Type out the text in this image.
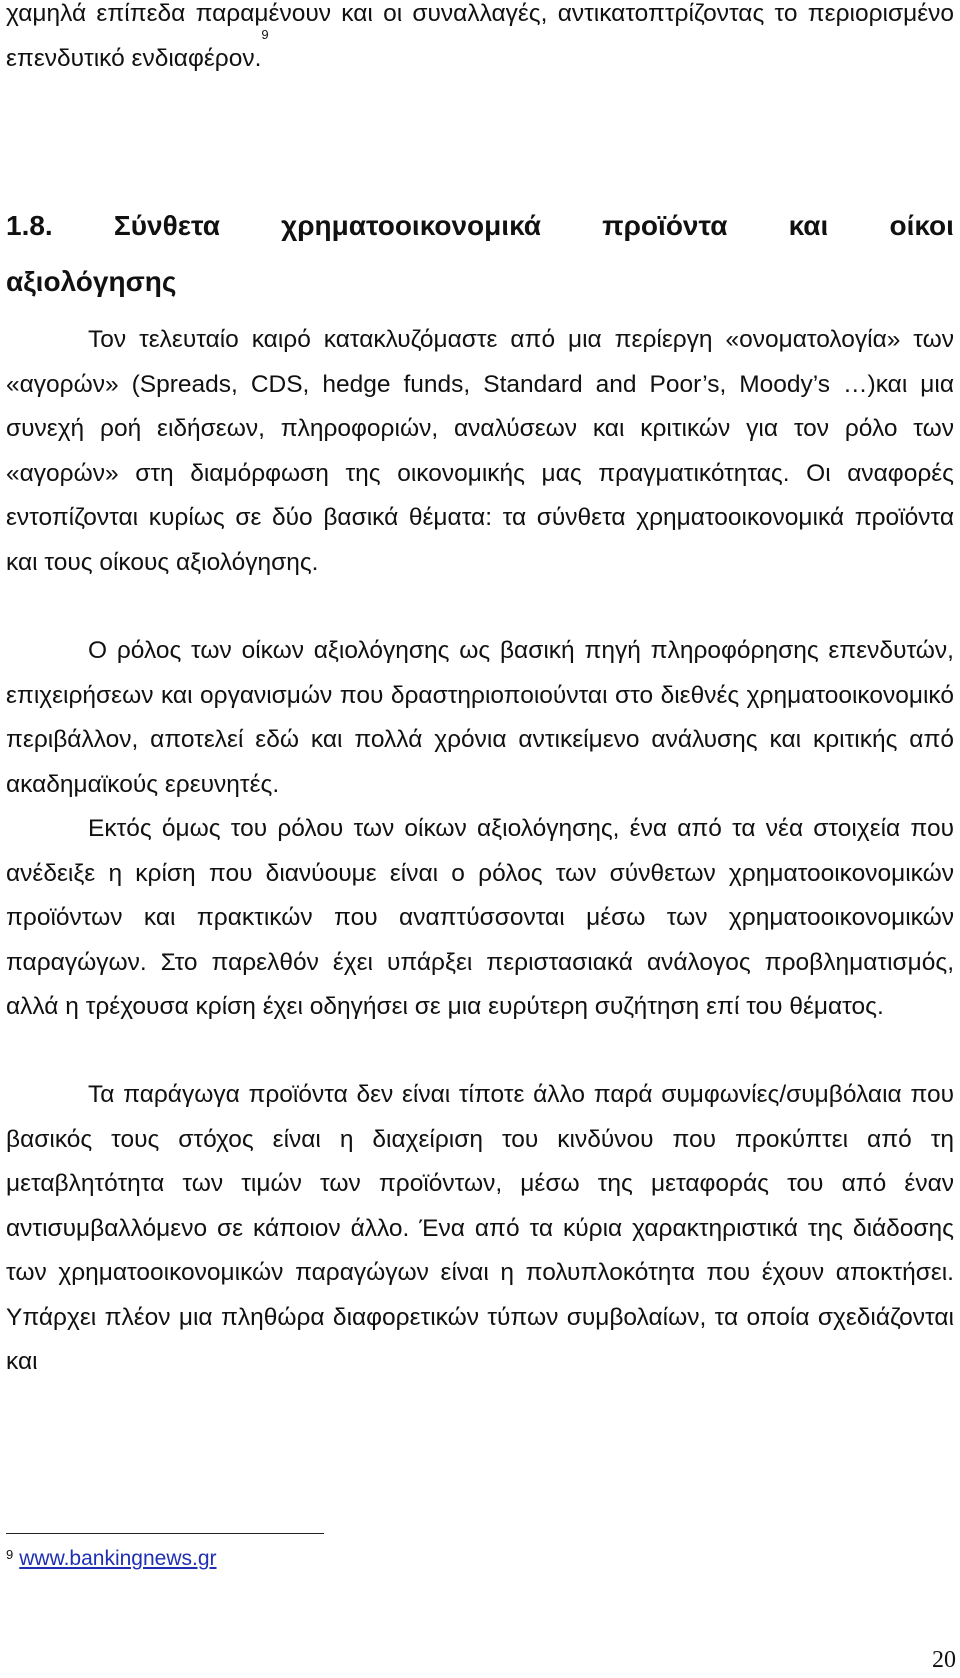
χαμηλά επίπεδα παραμένουν και οι συναλλαγές, αντικατοπτρίζοντας το περιορισμένο επενδυτικό ενδιαφέρον.$^9$

1.8. Σύνθετα χρηματοοικονομικά προϊόντα και οίκοι
αξιολόγησης

Τον τελευταίο καιρό κατακλυζόμαστε από μια περίεργη «ονοματολογία» των «αγορών» (Spreads, CDS, hedge funds, Standard and Poor’s, Moody’s …)και μια συνεχή ροή ειδήσεων, πληροφοριών, αναλύσεων και κριτικών για τον ρόλο των «αγορών» στη διαμόρφωση της οικονομικής μας πραγματικότητας. Οι αναφορές εντοπίζονται κυρίως σε δύο βασικά θέματα: τα σύνθετα χρηματοοικονομικά προϊόντα και τους οίκους αξιολόγησης.

Ο ρόλος των οίκων αξιολόγησης ως βασική πηγή πληροφόρησης επενδυτών, επιχειρήσεων και οργανισμών που δραστηριοποιούνται στο διεθνές χρηματοοικονομικό περιβάλλον, αποτελεί εδώ και πολλά χρόνια αντικείμενο ανάλυσης και κριτικής από ακαδημαϊκούς ερευνητές.

Εκτός όμως του ρόλου των οίκων αξιολόγησης, ένα από τα νέα στοιχεία που ανέδειξε η κρίση που διανύουμε είναι ο ρόλος των σύνθετων χρηματοοικονομικών προϊόντων και πρακτικών που αναπτύσσονται μέσω των χρηματοοικονομικών παραγώγων. Στο παρελθόν έχει υπάρξει περιστασιακά ανάλογος προβληματισμός, αλλά η τρέχουσα κρίση έχει οδηγήσει σε μια ευρύτερη συζήτηση επί του θέματος.

Τα παράγωγα προϊόντα δεν είναι τίποτε άλλο παρά συμφωνίες/συμβόλαια που βασικός τους στόχος είναι η διαχείριση του κινδύνου που προκύπτει από τη μεταβλητότητα των τιμών των προϊόντων, μέσω της μεταφοράς του από έναν αντισυμβαλλόμενο σε κάποιον άλλο. Ένα από τα κύρια χαρακτηριστικά της διάδοσης των χρηματοοικονομικών παραγώγων είναι η πολυπλοκότητα που έχουν αποκτήσει. Υπάρχει πλέον μια πληθώρα διαφορετικών τύπων συμβολαίων, τα οποία σχεδιάζονται και

$^9$ www.bankingnews.gr
20
